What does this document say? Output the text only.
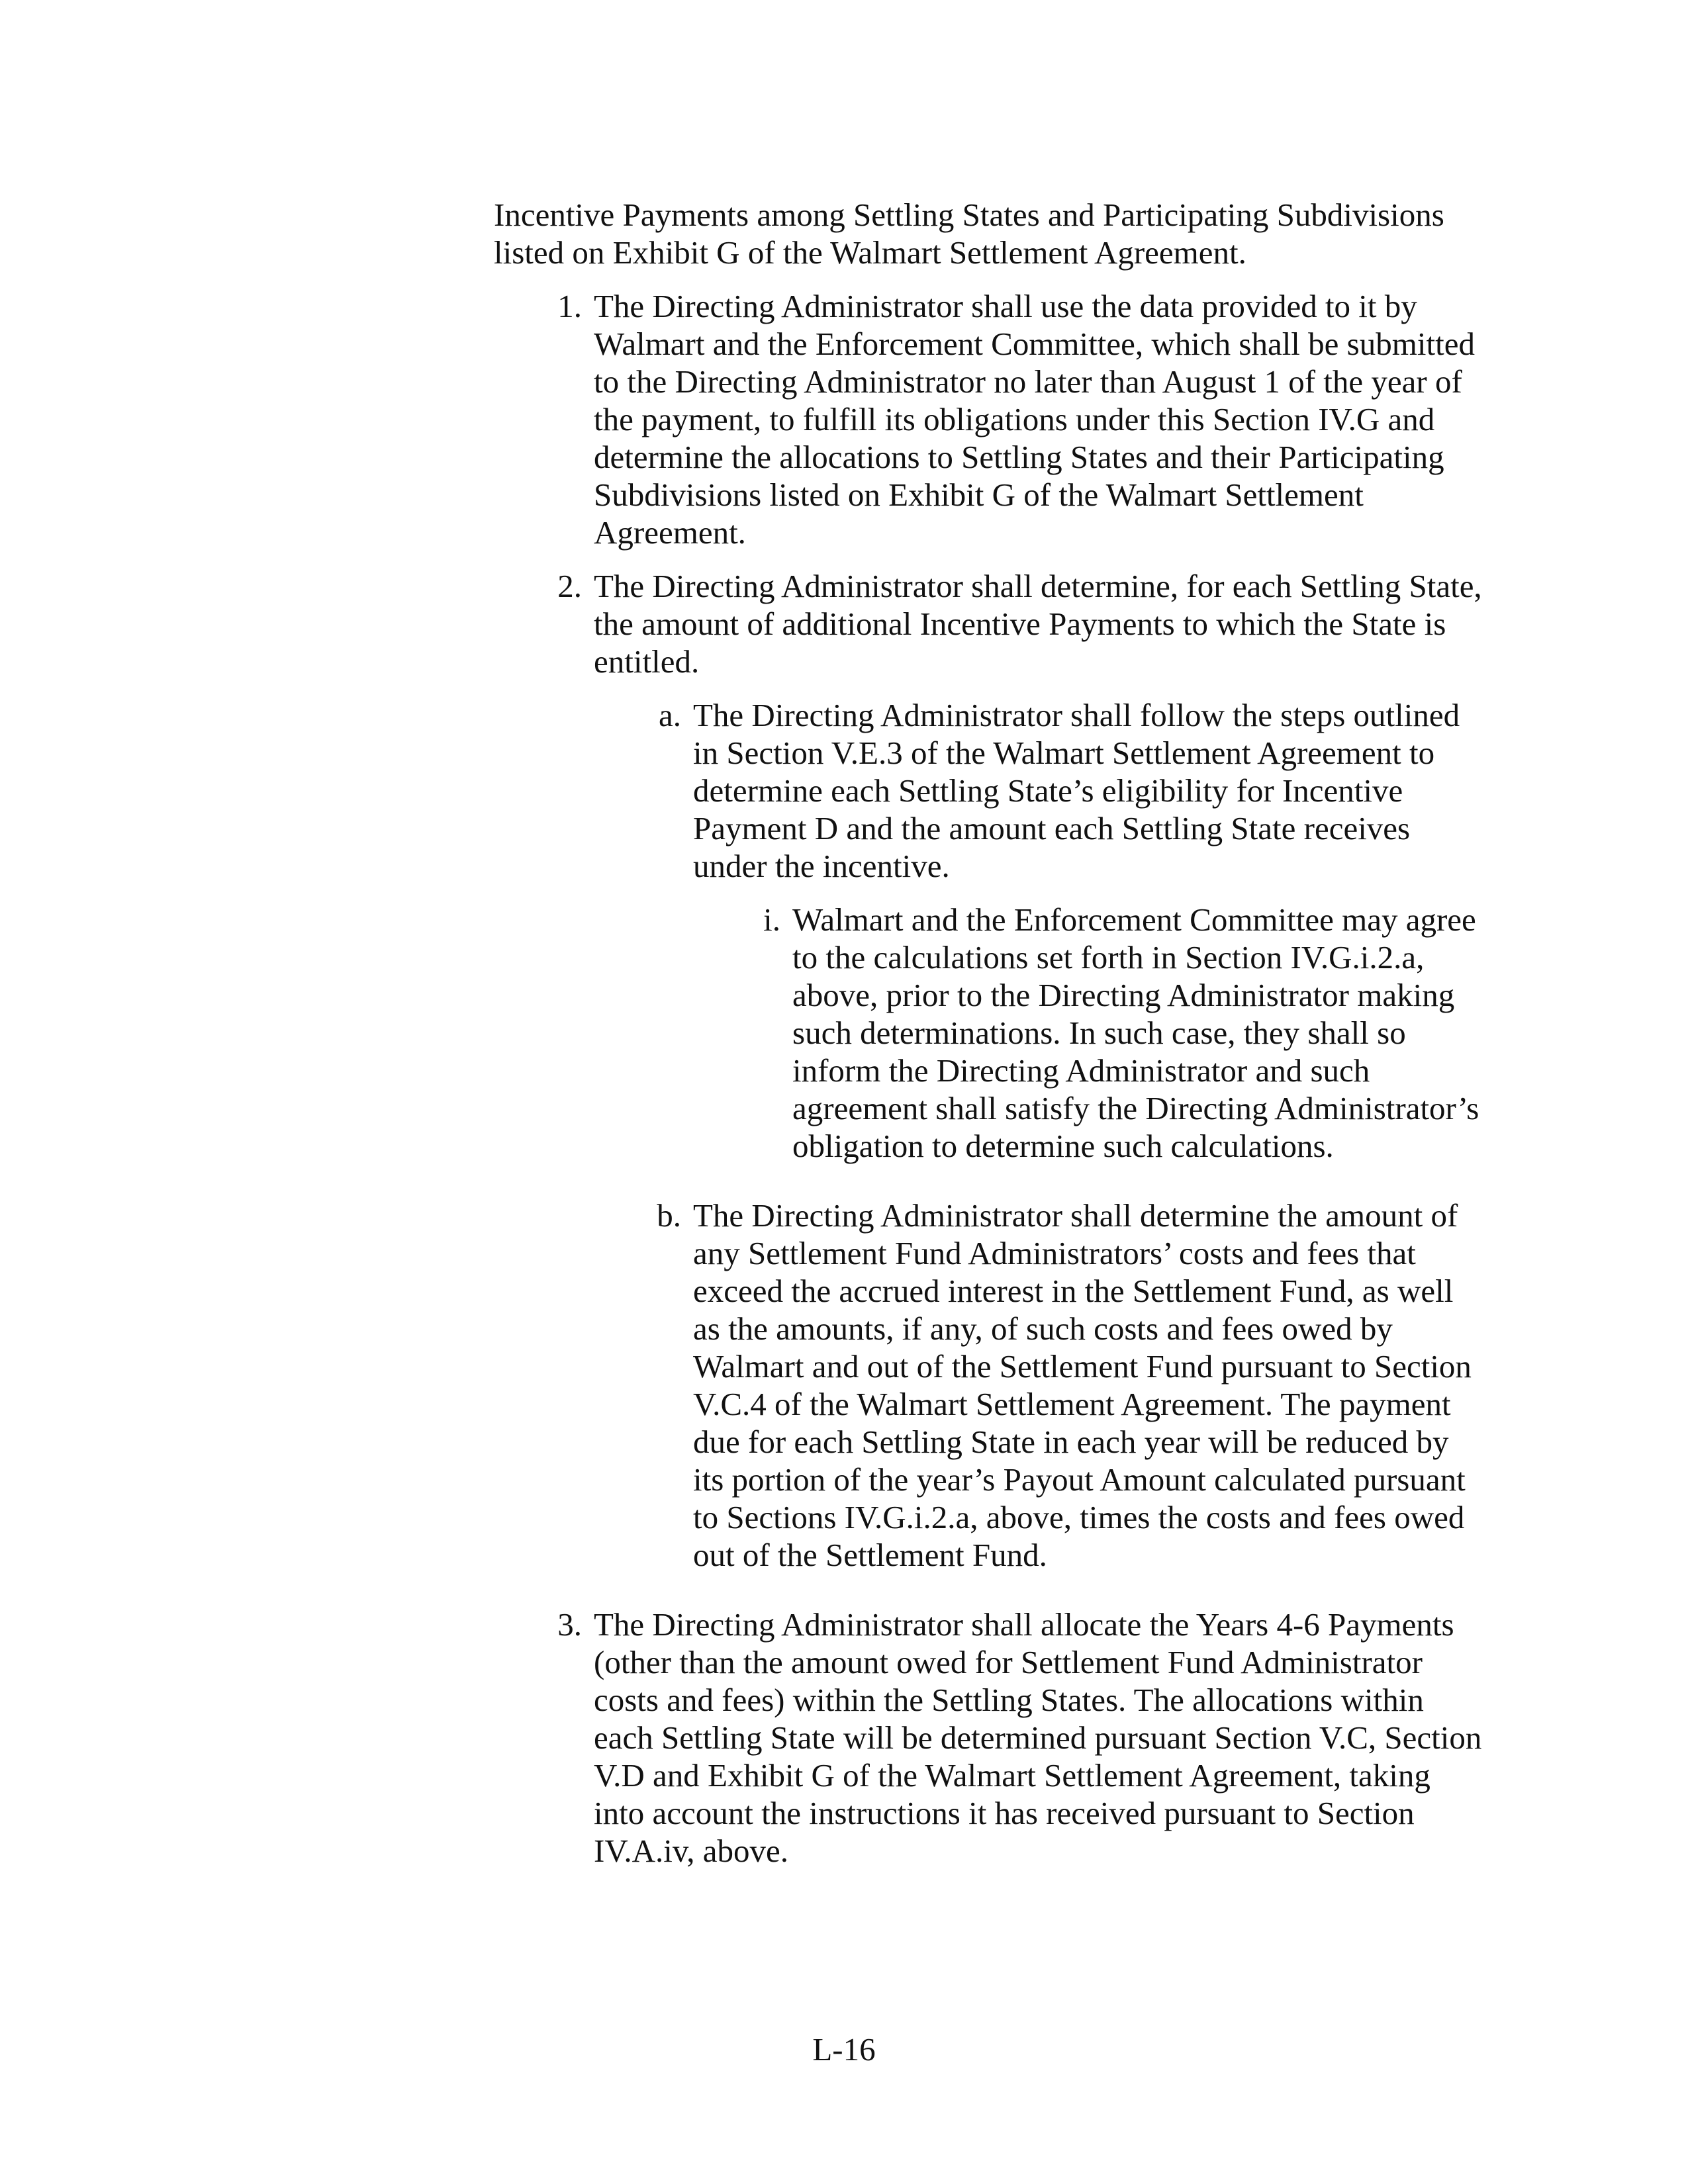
Incentive Payments among Settling States and Participating Subdivisions listed on Exhibit G of the Walmart Settlement Agreement.

1. The Directing Administrator shall use the data provided to it by Walmart and the Enforcement Committee, which shall be submitted to the Directing Administrator no later than August 1 of the year of the payment, to fulfill its obligations under this Section IV.G and determine the allocations to Settling States and their Participating Subdivisions listed on Exhibit G of the Walmart Settlement Agreement.
2. The Directing Administrator shall determine, for each Settling State, the amount of additional Incentive Payments to which the State is entitled.
a. The Directing Administrator shall follow the steps outlined in Section V.E.3 of the Walmart Settlement Agreement to determine each Settling State’s eligibility for Incentive Payment D and the amount each Settling State receives under the incentive.
i. Walmart and the Enforcement Committee may agree to the calculations set forth in Section IV.G.i.2.a, above, prior to the Directing Administrator making such determinations. In such case, they shall so inform the Directing Administrator and such agreement shall satisfy the Directing Administrator’s obligation to determine such calculations.
b. The Directing Administrator shall determine the amount of any Settlement Fund Administrators’ costs and fees that exceed the accrued interest in the Settlement Fund, as well as the amounts, if any, of such costs and fees owed by Walmart and out of the Settlement Fund pursuant to Section V.C.4 of the Walmart Settlement Agreement. The payment due for each Settling State in each year will be reduced by its portion of the year’s Payout Amount calculated pursuant to Sections IV.G.i.2.a, above, times the costs and fees owed out of the Settlement Fund.
3. The Directing Administrator shall allocate the Years 4-6 Payments (other than the amount owed for Settlement Fund Administrator costs and fees) within the Settling States. The allocations within each Settling State will be determined pursuant Section V.C, Section V.D and Exhibit G of the Walmart Settlement Agreement, taking into account the instructions it has received pursuant to Section IV.A.iv, above.
L-16
